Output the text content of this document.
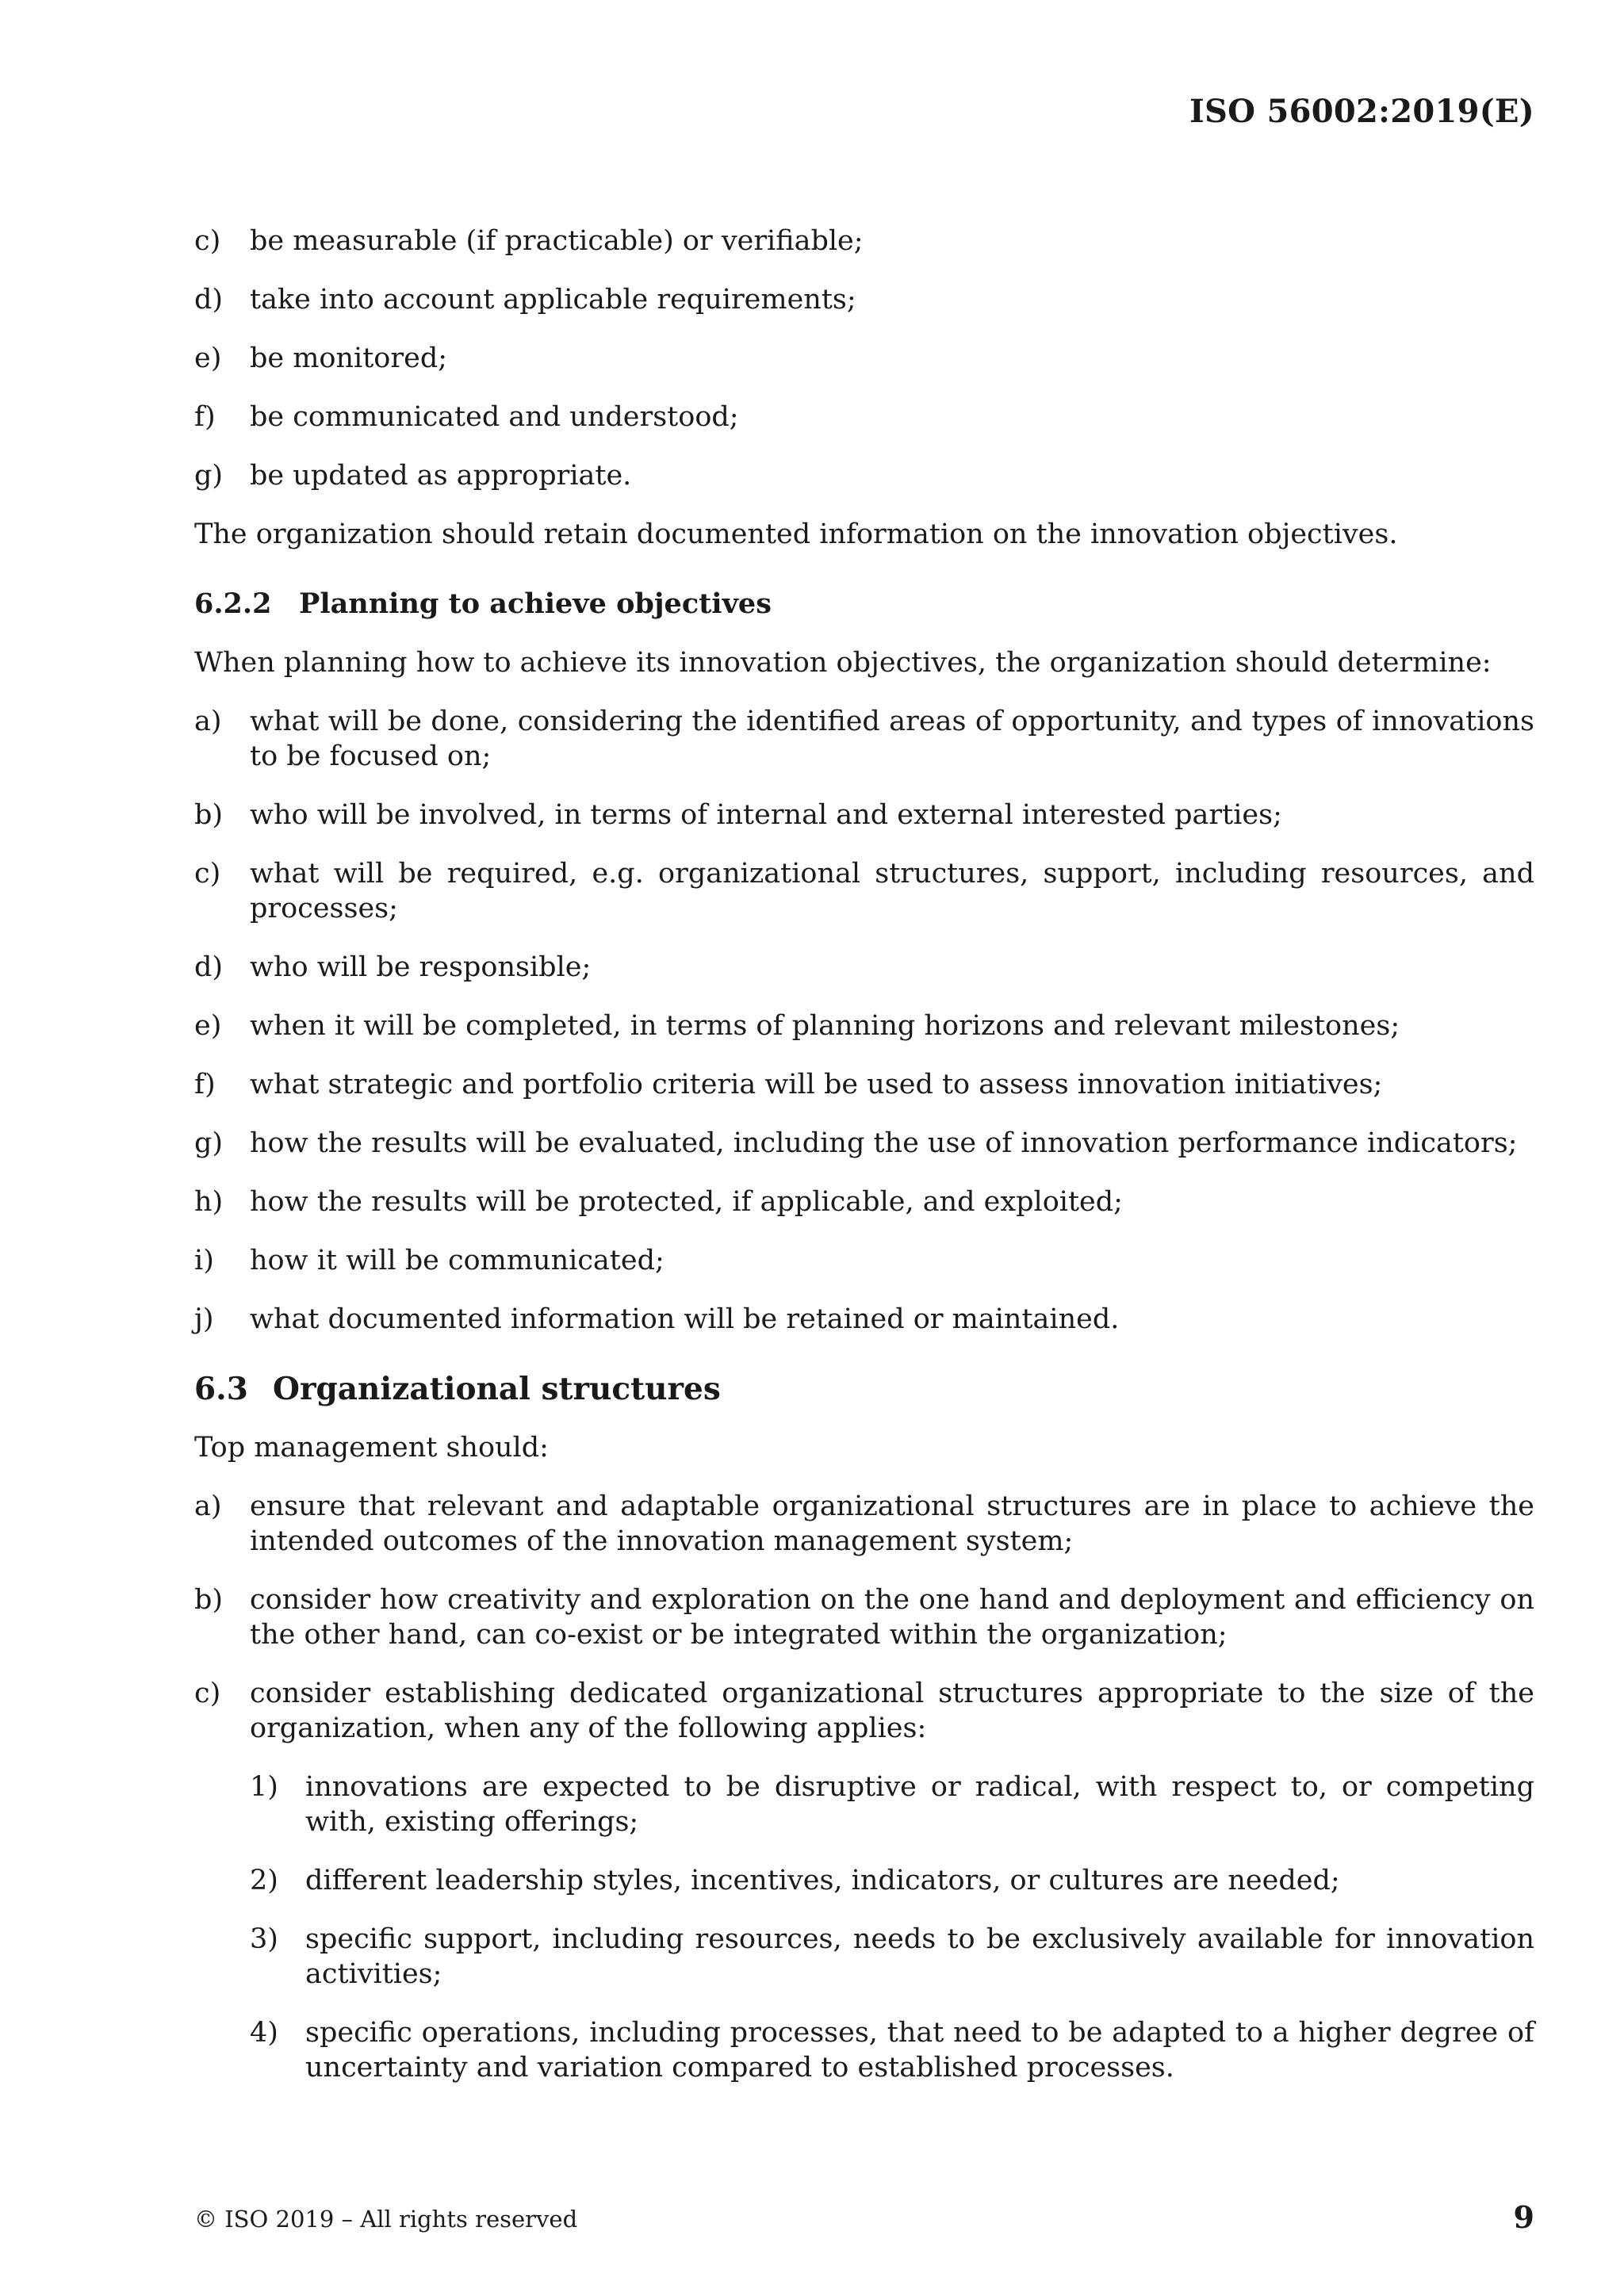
ISO 56002:2019(E)
c)	be measurable (if practicable) or verifiable;
d) take into account applicable requirements;
e)	be monitored;
f)	be communicated and understood;
g) be updated as appropriate.

The organization should retain documented information on the innovation objectives.

6.2.2 Planning to achieve objectives

When planning how to achieve its innovation objectives, the organization should determine:

a)	what will be done, considering the identified areas of opportunity, and types of innovations to be focused on;
b) who will be involved, in terms of internal and external interested parties;
c)	what will be required, e.g. organizational structures, support, including resources, and processes;
d) who will be responsible;
e)	when it will be completed, in terms of planning horizons and relevant milestones;
f)	what strategic and portfolio criteria will be used to assess innovation initiatives;
g) how the results will be evaluated, including the use of innovation performance indicators;
h) how the results will be protected, if applicable, and exploited;
i)	how it will be communicated;
j)	what documented information will be retained or maintained.
6.3 Organizational structures

Top management should:

a)	ensure that relevant and adaptable organizational structures are in place to achieve the intended outcomes of the innovation management system;
b) consider how creativity and exploration on the one hand and deployment and efficiency on the other hand, can co-exist or be integrated within the organization;
c)	consider establishing dedicated organizational structures appropriate to the size of the organization, when any of the following applies:
1) innovations are expected to be disruptive or radical, with respect to, or competing with, existing offerings;
2) different leadership styles, incentives, indicators, or cultures are needed;
3) specific support, including resources, needs to be exclusively available for innovation activities;
4) specific operations, including processes, that need to be adapted to a higher degree of uncertainty and variation compared to established processes.
© ISO 2019 – All rights reserved	9
